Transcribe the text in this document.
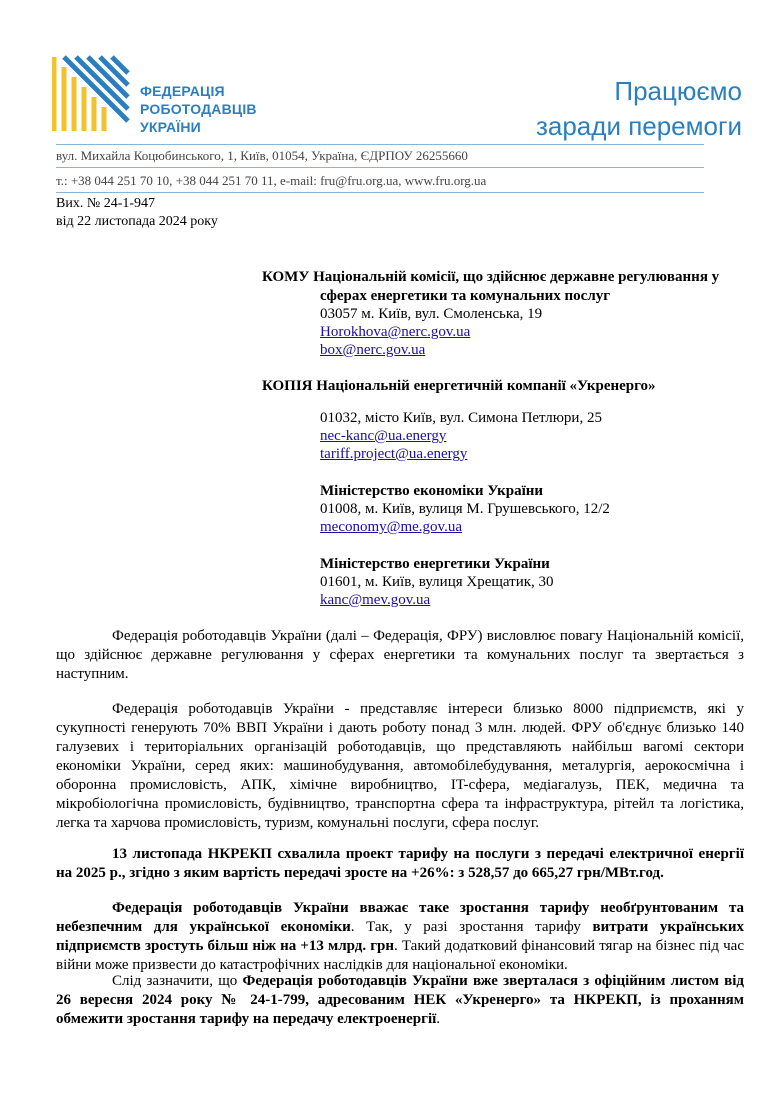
ФЕДЕРАЦІЯ
РОБОТОДАВЦІВ
УКРАЇНИ
Працюємо
заради перемоги
вул. Михайла Коцюбинського, 1, Київ, 01054, Україна, ЄДРПОУ 26255660
т.: +38 044 251 70 10, +38 044 251 70 11, e-mail: fru@fru.org.ua, www.fru.org.ua
Вих. № 24-1-947
від 22 листопада 2024 року
КОМУ Національній комісії, що здійснює державне регулювання у
сферах енергетики та комунальних послуг
03057 м. Київ, вул. Смоленська, 19
Horokhova@nerc.gov.ua
box@nerc.gov.ua
КОПІЯ Національній енергетичній компанії «Укренерго»
01032, місто Київ, вул. Симона Петлюри, 25
nec-kanc@ua.energy
tariff.project@ua.energy
Міністерство економіки України
01008, м. Київ, вулиця М. Грушевського, 12/2
meconomy@me.gov.ua
Міністерство енергетики України
01601, м. Київ, вулиця Хрещатик, 30
kanc@mev.gov.ua
Федерація роботодавців України (далі – Федерація, ФРУ) висловлює повагу Національній комісії, що здійснює державне регулювання у сферах енергетики та комунальних послуг та звертається з наступним.
Федерація роботодавців України - представляє інтереси близько 8000 підприємств, які у сукупності генерують 70% ВВП України і дають роботу понад 3 млн. людей. ФРУ об'єднує близько 140 галузевих і територіальних організацій роботодавців, що представляють найбільш вагомі сектори економіки України, серед яких: машинобудування, автомобілебудування, металургія, аерокосмічна і оборонна промисловість, АПК, хімічне виробництво, IT-сфера, медіагалузь, ПЕК, медична та мікробіологічна промисловість, будівництво, транспортна сфера та інфраструктура, рітейл та логістика, легка та харчова промисловість, туризм, комунальні послуги, сфера послуг.
13 листопада НКРЕКП схвалила проект тарифу на послуги з передачі електричної енергії на 2025 р., згідно з яким вартість передачі зросте на +26%: з 528,57 до 665,27 грн/МВт.год.
Федерація роботодавців України вважає таке зростання тарифу необґрунтованим та небезпечним для української економіки. Так, у разі зростання тарифу витрати українських підприємств зростуть більш ніж на +13 млрд. грн. Такий додатковий фінансовий тягар на бізнес під час війни може призвести до катастрофічних наслідків для національної економіки.
Слід зазначити, що Федерація роботодавців України вже зверталася з офіційним листом від 26 вересня 2024 року № 24-1-799, адресованим НЕК «Укренерго» та НКРЕКП, із проханням обмежити зростання тарифу на передачу електроенергії.
